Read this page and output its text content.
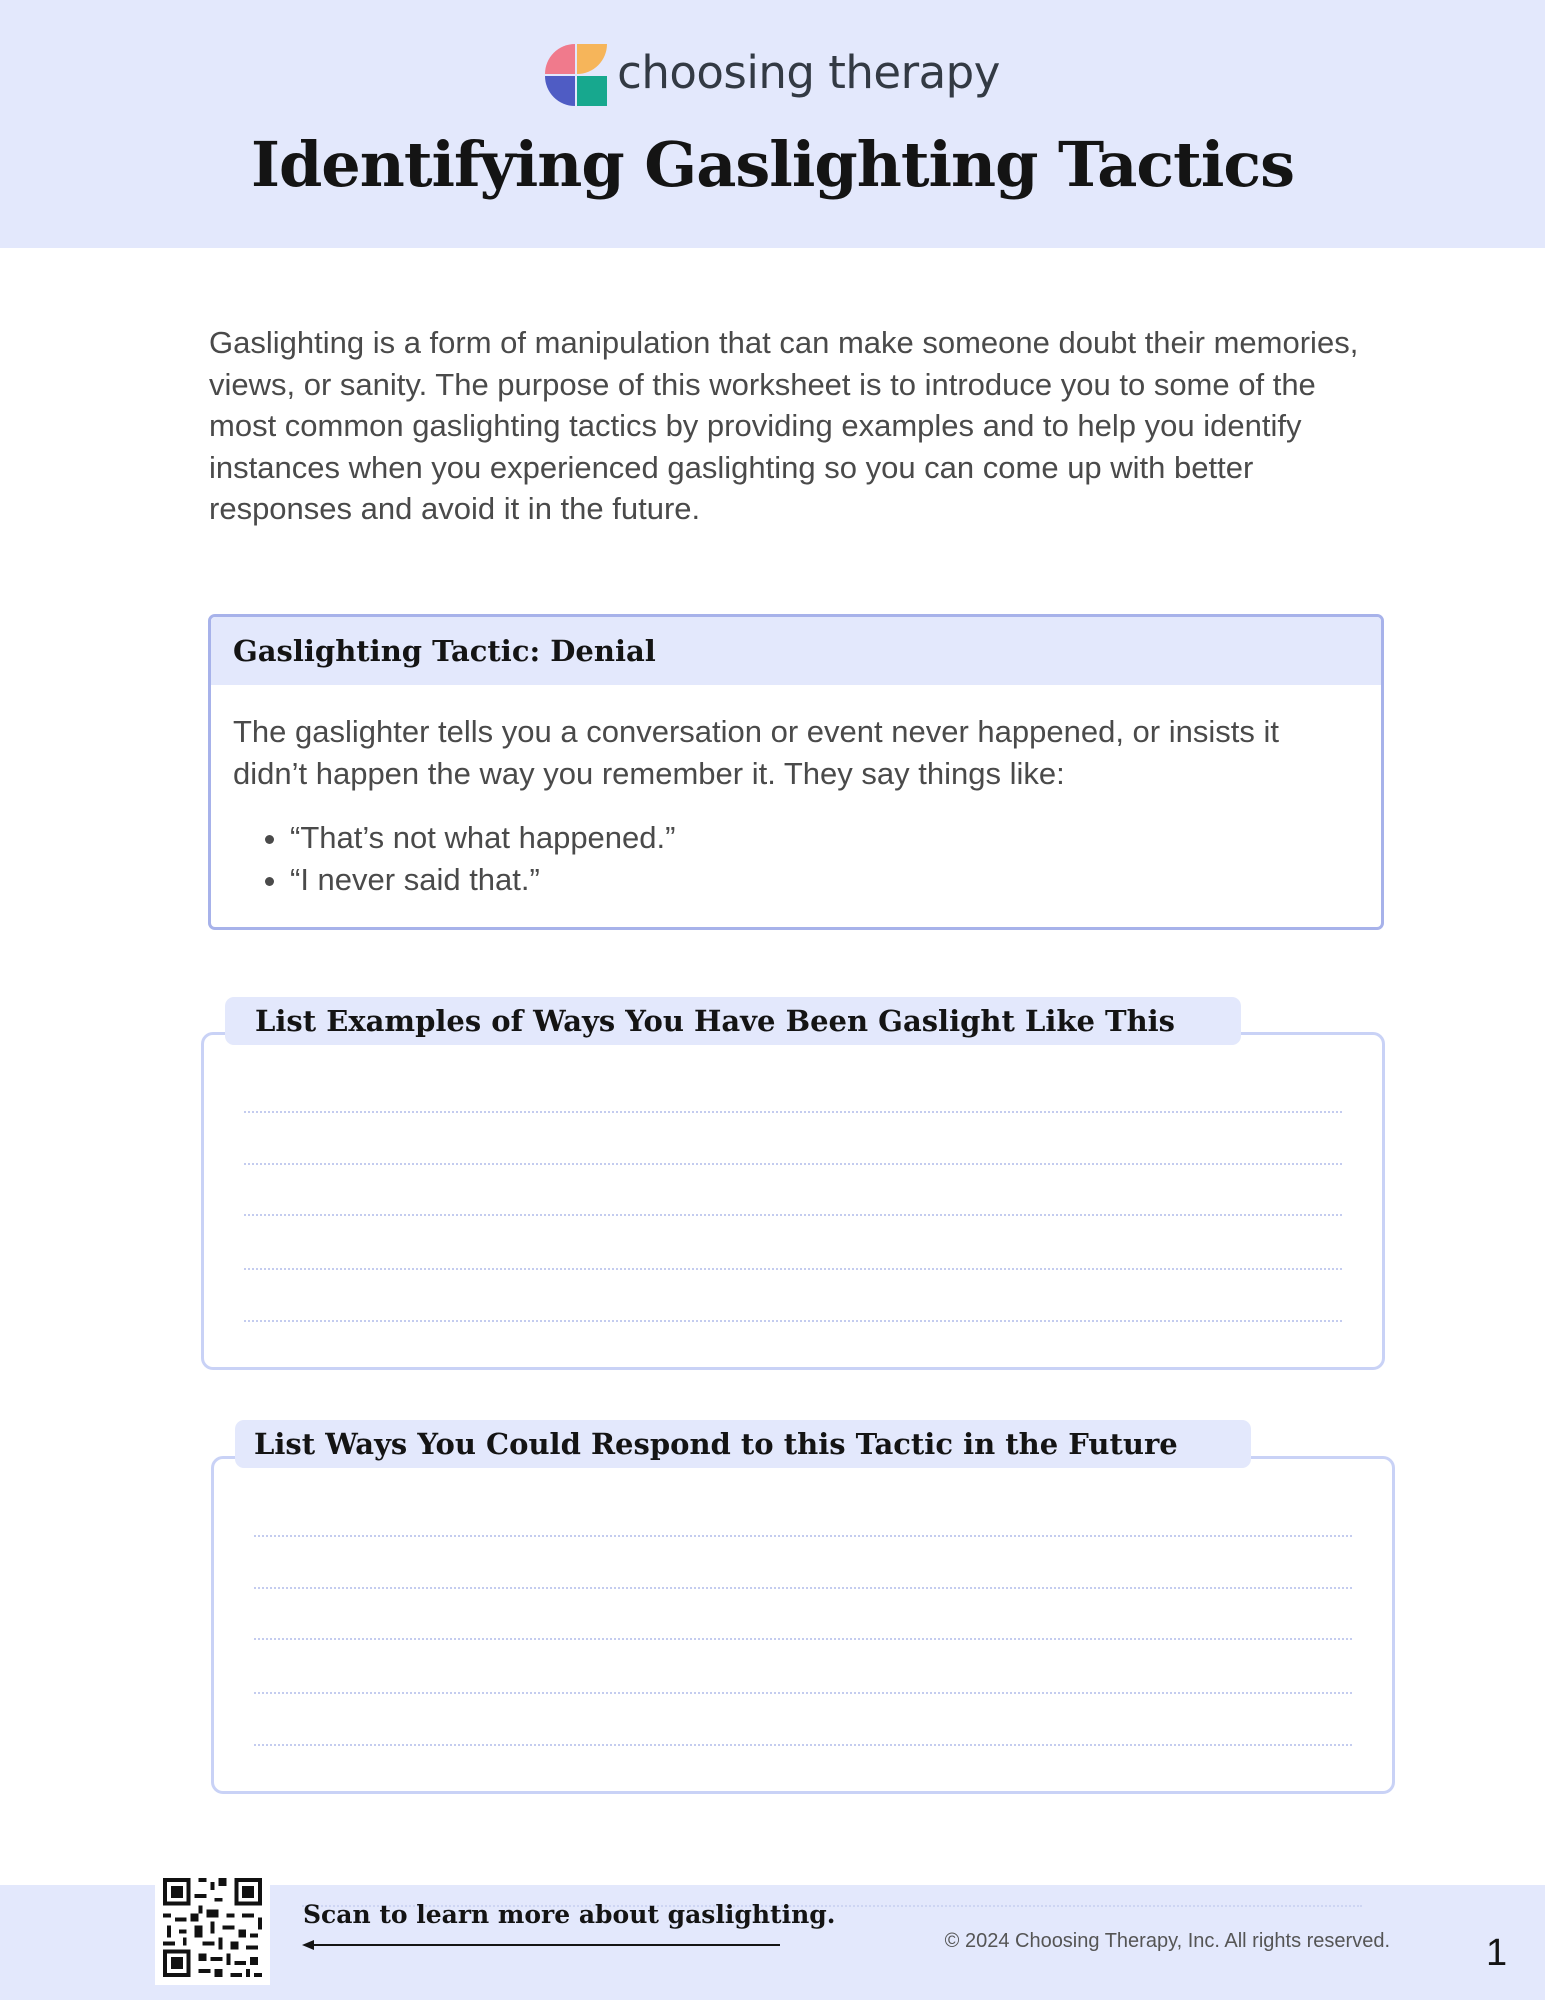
choosing therapy
Identifying Gaslighting Tactics

Gaslighting is a form of manipulation that can make someone doubt their memories, views, or sanity. The purpose of this worksheet is to introduce you to some of the most common gaslighting tactics by providing examples and to help you identify instances when you experienced gaslighting so you can come up with better responses and avoid it in the future.

Gaslighting Tactic: Denial

The gaslighter tells you a conversation or event never happened, or insists it didn’t happen the way you remember it. They say things like:

• “That’s not what happened.”
• “I never said that.”
List Examples of Ways You Have Been Gaslight Like This
List Ways You Could Respond to this Tactic in the Future

Scan to learn more about gaslighting.

© 2024 Choosing Therapy, Inc. All rights reserved.	1
